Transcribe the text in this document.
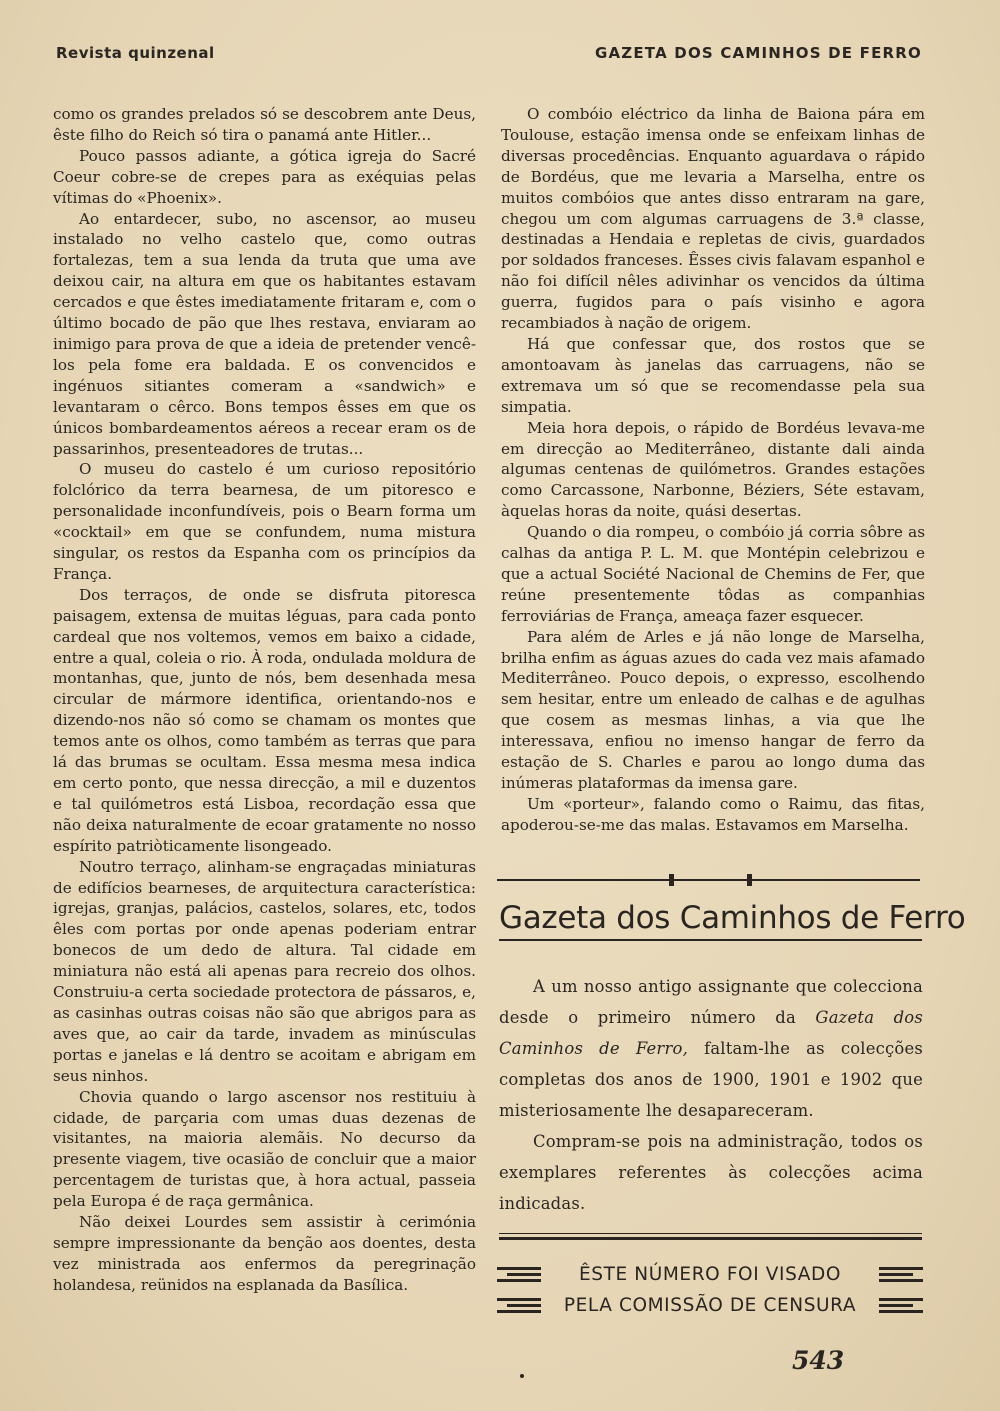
Revista quinzenal	GAZETA DOS CAMINHOS DE FERRO

como os grandes prelados só se descobrem ante Deus, êste filho do Reich só tira o panamá ante Hitler...

Pouco passos adiante, a gótica igreja do Sacré Coeur cobre-se de crepes para as exéquias pelas vítimas do «Phoenix».

Ao entardecer, subo, no ascensor, ao museu instalado no velho castelo que, como outras fortalezas, tem a sua lenda da truta que uma ave deixou cair, na altura em que os habitantes estavam cercados e que êstes imediatamente fritaram e, com o último bocado de pão que lhes restava, enviaram ao inimigo para prova de que a ideia de pretender vencê-los pela fome era baldada. E os convencidos e ingénuos sitiantes comeram a «sandwich» e levantaram o cêrco. Bons tempos êsses em que os únicos bombardeamentos aéreos a recear eram os de passarinhos, presenteadores de trutas...

O museu do castelo é um curioso repositório folclórico da terra bearnesa, de um pitoresco e personalidade inconfundíveis, pois o Bearn forma um «cocktail» em que se confundem, numa mistura singular, os restos da Espanha com os princípios da França.

Dos terraços, de onde se disfruta pitoresca paisagem, extensa de muitas léguas, para cada ponto cardeal que nos voltemos, vemos em baixo a cidade, entre a qual, coleia o rio. À roda, ondulada moldura de montanhas, que, junto de nós, bem desenhada mesa circular de mármore identifica, orientando-nos e dizendo-nos não só como se chamam os montes que temos ante os olhos, como também as terras que para lá das brumas se ocultam. Essa mesma mesa indica em certo ponto, que nessa direcção, a mil e duzentos e tal quilómetros está Lisboa, recordação essa que não deixa naturalmente de ecoar gratamente no nosso espírito patriòticamente lisongeado.

Noutro terraço, alinham-se engraçadas miniaturas de edifícios bearneses, de arquitectura característica: igrejas, granjas, palácios, castelos, solares, etc, todos êles com portas por onde apenas poderiam entrar bonecos de um dedo de altura. Tal cidade em miniatura não está ali apenas para recreio dos olhos. Construiu-a certa sociedade protectora de pássaros, e, as casinhas outras coisas não são que abrigos para as aves que, ao cair da tarde, invadem as minúsculas portas e janelas e lá dentro se acoitam e abrigam em seus ninhos.

Chovia quando o largo ascensor nos restituiu à cidade, de parçaria com umas duas dezenas de visitantes, na maioria alemãis. No decurso da presente viagem, tive ocasião de concluir que a maior percentagem de turistas que, à hora actual, passeia pela Europa é de raça germânica.

Não deixei Lourdes sem assistir à cerimónia sempre impressionante da benção aos doentes, desta vez ministrada aos enfermos da peregrinação holandesa, reünidos na esplanada da Basílica.

O combóio eléctrico da linha de Baiona pára em Toulouse, estação imensa onde se enfeixam linhas de diversas procedências. Enquanto aguardava o rápido de Bordéus, que me levaria a Marselha, entre os muitos combóios que antes disso entraram na gare, chegou um com algumas carruagens de 3.ª classe, destinadas a Hendaia e repletas de civis, guardados por soldados franceses. Êsses civis falavam espanhol e não foi difícil nêles adivinhar os vencidos da última guerra, fugidos para o país visinho e agora recambiados à nação de origem.

Há que confessar que, dos rostos que se amontoavam às janelas das carruagens, não se extremava um só que se recomendasse pela sua simpatia.

Meia hora depois, o rápido de Bordéus levava-me em direcção ao Mediterrâneo, distante dali ainda algumas centenas de quilómetros. Grandes estações como Carcassone, Narbonne, Béziers, Séte estavam, àquelas horas da noite, quási desertas.

Quando o dia rompeu, o combóio já corria sôbre as calhas da antiga P. L. M. que Montépin celebrizou e que a actual Société Nacional de Chemins de Fer, que reúne presentemente tôdas as companhias ferroviárias de França, ameaça fazer esquecer.

Para além de Arles e já não longe de Marselha, brilha enfim as águas azues do cada vez mais afamado Mediterrâneo. Pouco depois, o expresso, escolhendo sem hesitar, entre um enleado de calhas e de agulhas que cosem as mesmas linhas, a via que lhe interessava, enfiou no imenso hangar de ferro da estação de S. Charles e parou ao longo duma das inúmeras plataformas da imensa gare.

Um «porteur», falando como o Raimu, das fitas, apoderou-se-me das malas. Estavamos em Marselha.

Gazeta dos Caminhos de Ferro

A um nosso antigo assignante que colecciona desde o primeiro número da Gazeta dos Caminhos de Ferro, faltam-lhe as colecções completas dos anos de 1900, 1901 e 1902 que misteriosamente lhe desapareceram.

Compram-se pois na administração, todos os exemplares referentes às colecções acima indicadas.

ÊSTE NÚMERO FOI VISADO
PELA COMISSÃO DE CENSURA
543
